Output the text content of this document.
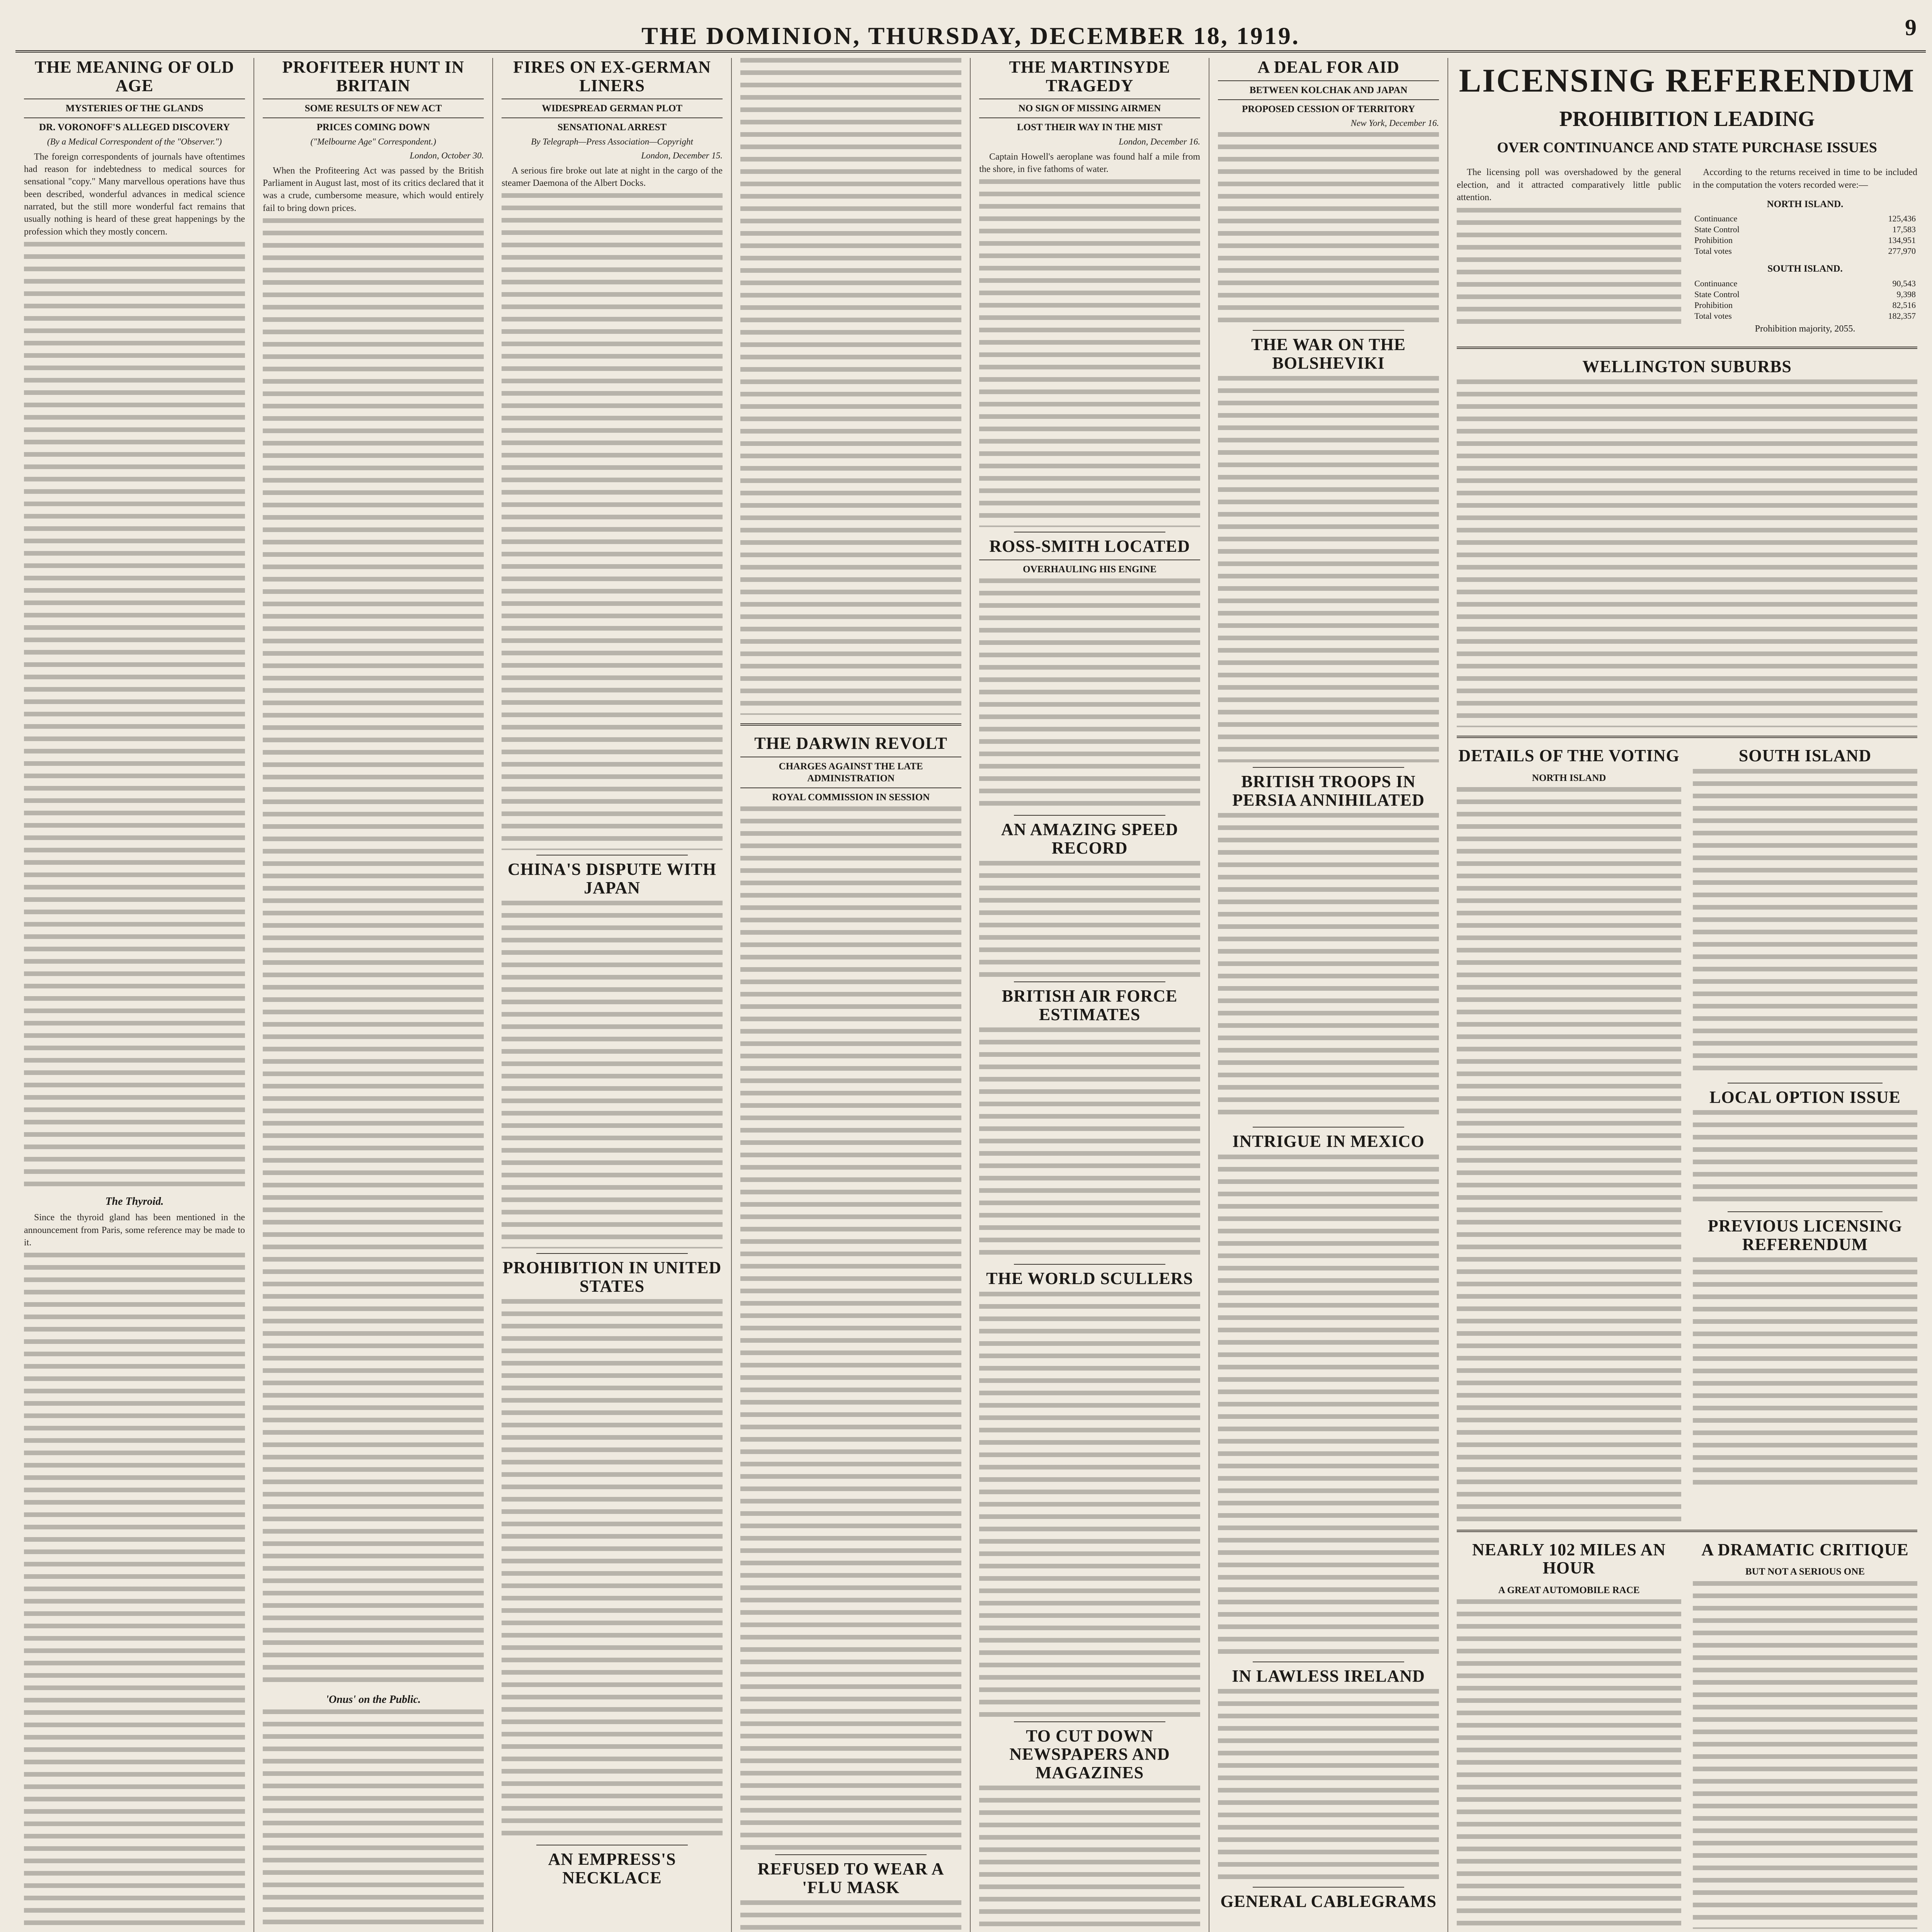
THE DOMINION, THURSDAY, DECEMBER 18, 1919.	9
THE MEANING OF OLD AGE
MYSTERIES OF THE GLANDS
DR. VORONOFF'S ALLEGED DISCOVERY
(By a Medical Correspondent of the "Observer.")

The foreign correspondents of journals have oftentimes had reason for indebtedness to medical sources for sensational "copy." Many marvellous operations have thus been described, wonderful advances in medical science narrated, but the still more wonderful fact remains that usually nothing is heard of these great happenings by the profession which they mostly concern.

The Thyroid.

Since the thyroid gland has been mentioned in the announcement from Paris, some reference may be made to it.

PROFITEER HUNT IN BRITAIN
SOME RESULTS OF NEW ACT
PRICES COMING DOWN
("Melbourne Age" Correspondent.)
London, October 30.

When the Profiteering Act was passed by the British Parliament in August last, most of its critics declared that it was a crude, cumbersome measure, which would entirely fail to bring down prices.

'Onus' on the Public.
FIRES ON EX-GERMAN LINERS
WIDESPREAD GERMAN PLOT
SENSATIONAL ARREST
By Telegraph—Press Association—Copyright
London, December 15.

A serious fire broke out late at night in the cargo of the steamer Daemona of the Albert Docks.

CHINA'S DISPUTE WITH JAPAN
PROHIBITION IN UNITED STATES
AN EMPRESS'S NECKLACE
THE DARWIN REVOLT
CHARGES AGAINST THE LATE ADMINISTRATION
ROYAL COMMISSION IN SESSION
REFUSED TO WEAR A 'FLU MASK
THE MARTINSYDE TRAGEDY
NO SIGN OF MISSING AIRMEN
LOST THEIR WAY IN THE MIST
London, December 16.

Captain Howell's aeroplane was found half a mile from the shore, in five fathoms of water.

ROSS-SMITH LOCATED
OVERHAULING HIS ENGINE
AN AMAZING SPEED RECORD
BRITISH AIR FORCE ESTIMATES
THE WORLD SCULLERS
TO CUT DOWN NEWSPAPERS AND MAGAZINES
A DEAL FOR AID
BETWEEN KOLCHAK AND JAPAN
PROPOSED CESSION OF TERRITORY
New York, December 16.
THE WAR ON THE BOLSHEVIKI
BRITISH TROOPS IN PERSIA ANNIHILATED
INTRIGUE IN MEXICO
IN LAWLESS IRELAND
GENERAL CABLEGRAMS
LICENSING REFERENDUM
PROHIBITION LEADING
OVER CONTINUANCE AND STATE PURCHASE ISSUES

The licensing poll was overshadowed by the general election, and it attracted comparatively little public attention.

According to the returns received in time to be included in the computation the voters recorded were:—

NORTH ISLAND.
Continuance	125,436
State Control	17,583
Prohibition	134,951
Total votes	277,970
SOUTH ISLAND.
Continuance	90,543
State Control	9,398
Prohibition	82,516
Total votes	182,357
Prohibition majority, 2055.
WELLINGTON SUBURBS
DETAILS OF THE VOTING
NORTH ISLAND
SOUTH ISLAND
LOCAL OPTION ISSUE
PREVIOUS LICENSING REFERENDUM
NEARLY 102 MILES AN HOUR
A GREAT AUTOMOBILE RACE
A DRAMATIC CRITIQUE
BUT NOT A SERIOUS ONE
